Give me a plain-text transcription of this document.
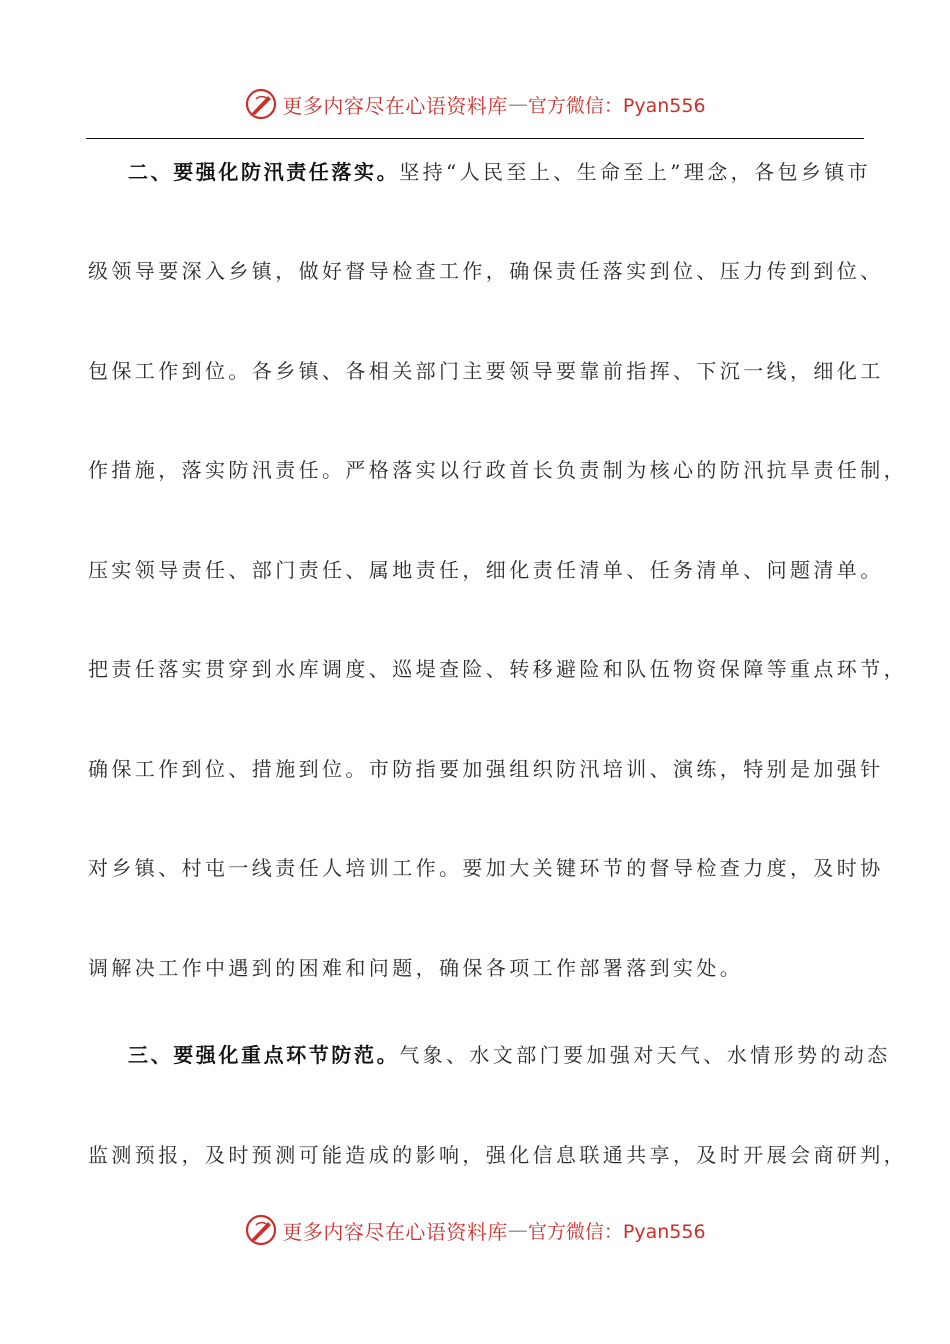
更多内容尽在心语资料库 — 官方微信：Pyan556
二、要强化防汛责任落实。坚持“人民至上、生命至上”理念，各包乡镇市
级领导要深入乡镇，做好督导检查工作，确保责任落实到位、压力传到到位、
包保工作到位。各乡镇、各相关部门主要领导要靠前指挥、下沉一线，细化工
作措施，落实防汛责任。严格落实以行政首长负责制为核心的防汛抗旱责任制，
压实领导责任、部门责任、属地责任，细化责任清单、任务清单、问题清单。
把责任落实贯穿到水库调度、巡堤查险、转移避险和队伍物资保障等重点环节，
确保工作到位、措施到位。市防指要加强组织防汛培训、演练，特别是加强针
对乡镇、村屯一线责任人培训工作。要加大关键环节的督导检查力度，及时协
调解决工作中遇到的困难和问题，确保各项工作部署落到实处。
三、要强化重点环节防范。气象、水文部门要加强对天气、水情形势的动态
监测预报，及时预测可能造成的影响，强化信息联通共享，及时开展会商研判，
更多内容尽在心语资料库 — 官方微信：Pyan556
